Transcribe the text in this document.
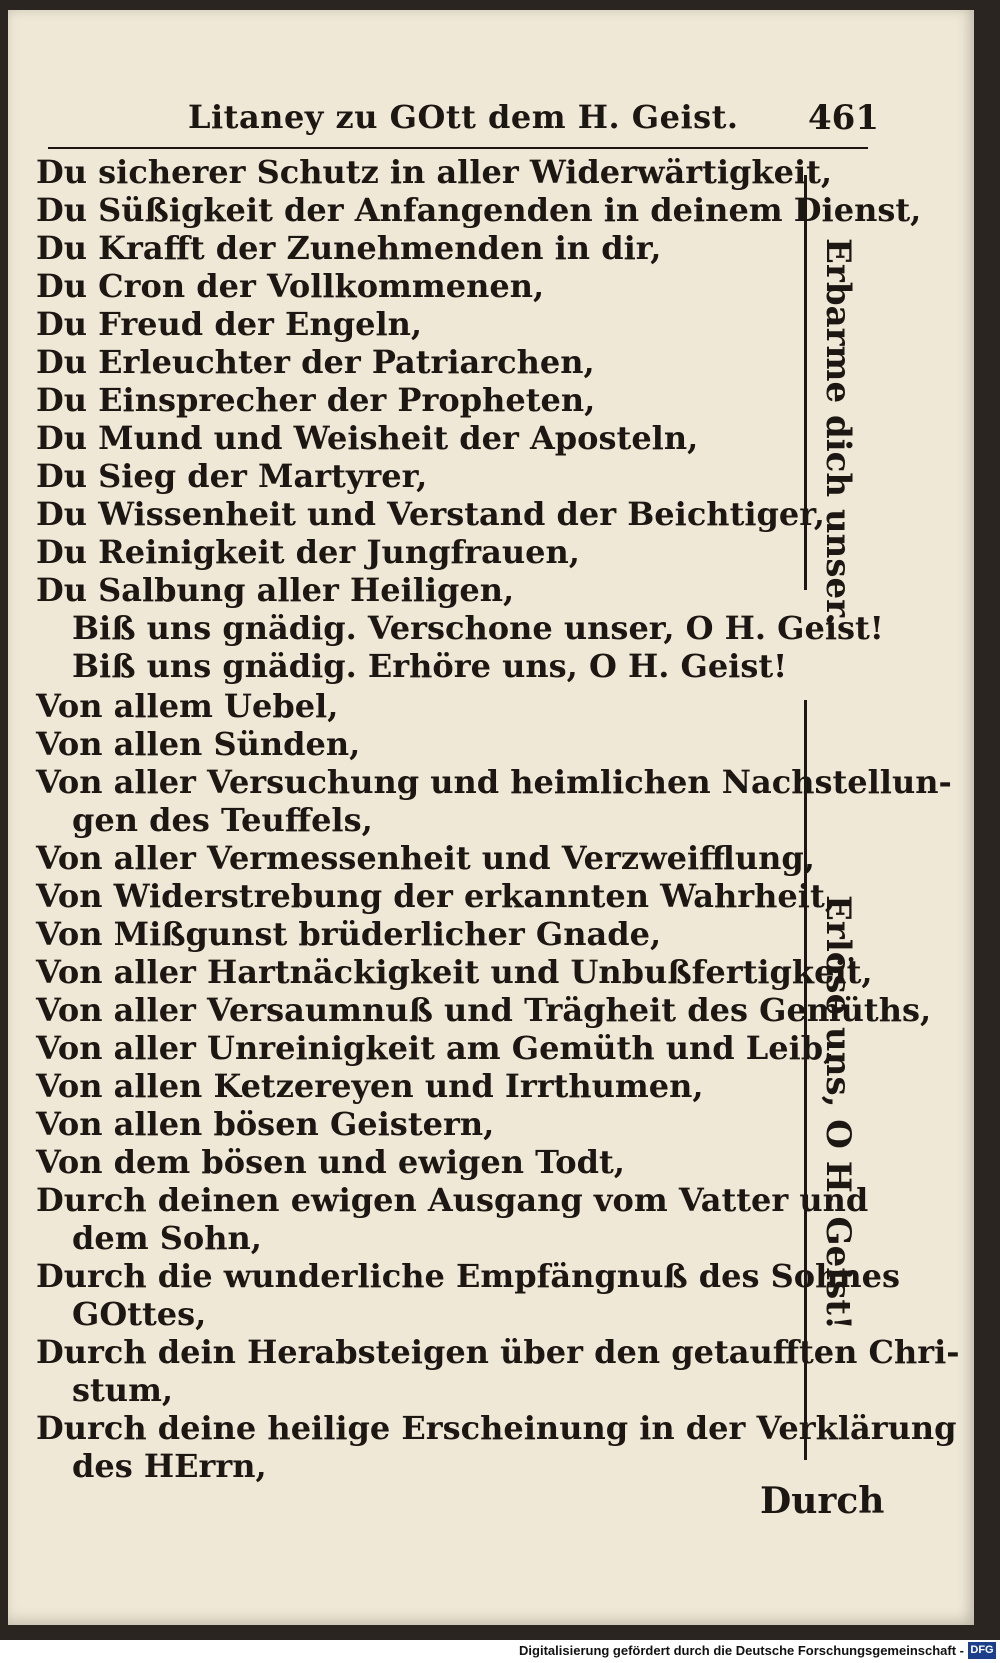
Litaney zu GOtt dem H. Geist. 461
Du sicherer Schutz in aller Widerwärtigkeit,
Du Süßigkeit der Anfangenden in deinem Dienst,
Du Krafft der Zunehmenden in dir,
Du Cron der Vollkommenen,
Du Freud der Engeln,
Du Erleuchter der Patriarchen,
Du Einsprecher der Propheten,
Du Mund und Weisheit der Aposteln,
Du Sieg der Martyrer,
Du Wissenheit und Verstand der Beichtiger,
Du Reinigkeit der Jungfrauen,
Du Salbung aller Heiligen,	Erbarme dich unser.
Biß uns gnädig. Verschone unser, O H. Geist!
Biß uns gnädig. Erhöre uns, O H. Geist!
Von allem Uebel,
Von allen Sünden,
Von aller Versuchung und heimlichen Nachstellun-
gen des Teuffels,
Von aller Vermessenheit und Verzweifflung,
Von Widerstrebung der erkannten Wahrheit,
Von Mißgunst brüderlicher Gnade,
Von aller Hartnäckigkeit und Unbußfertigkeit,
Von aller Versaumnuß und Trägheit des Gemüths,
Von aller Unreinigkeit am Gemüth und Leib,
Von allen Ketzereyen und Irrthumen,
Von allen bösen Geistern,
Von dem bösen und ewigen Todt,
Durch deinen ewigen Ausgang vom Vatter und
dem Sohn,
Durch die wunderliche Empfängnuß des Sohnes
GOttes,
Durch dein Herabsteigen über den getaufften Chri-
stum,
Durch deine heilige Erscheinung in der Verklärung
des HErrn,
Erlöse uns, O H. Geist!
Durch
Digitalisierung gefördert durch die Deutsche Forschungsgemeinschaft - DFG
